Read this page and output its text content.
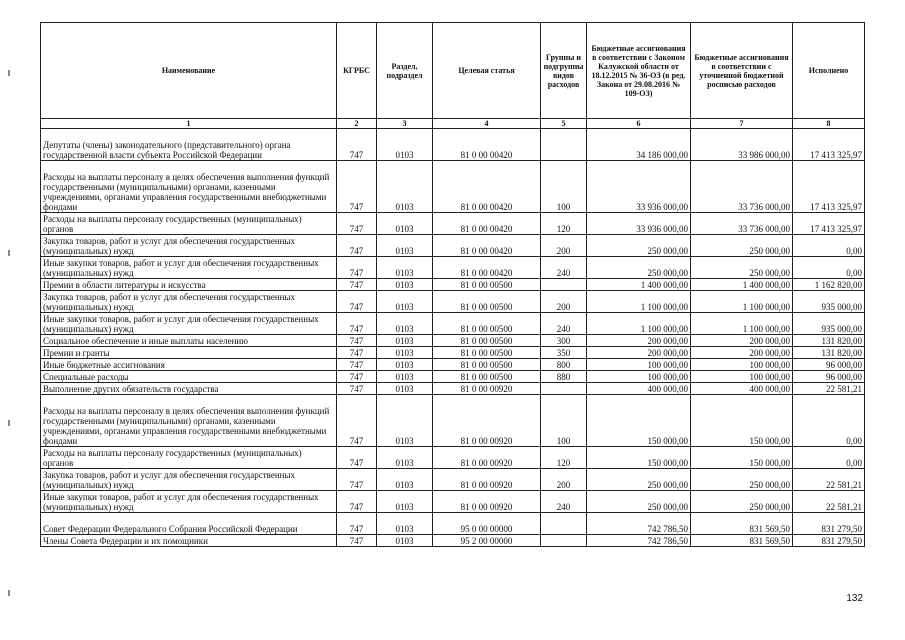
Наименование	КГРБС	Раздел, подраздел	Целевая статья	Группы и подгруппы видов расходов	Бюджетные ассигнования в соответствии с Законом Калужской области от 18.12.2015 № 36-ОЗ (в ред. Закона от 29.08.2016 № 109-ОЗ)	Бюджетные ассигнования в соответствии с уточненной бюджетной росписью расходов	Исполнено
1	2	3	4	5	6	7	8
Депутаты (члены) законодательного (представительного) органа государственной власти субъекта Российской Федерации	747	0103	81 0 00 00420		34 186 000,00	33 986 000,00	17 413 325,97
Расходы на выплаты персоналу в целях обеспечения выполнения функций государственными (муниципальными) органами, казенными учреждениями, органами управления государственными внебюджетными фондами	747	0103	81 0 00 00420	100	33 936 000,00	33 736 000,00	17 413 325,97
Расходы на выплаты персоналу государственных (муниципальных) органов	747	0103	81 0 00 00420	120	33 936 000,00	33 736 000,00	17 413 325,97
Закупка товаров, работ и услуг для обеспечения государственных (муниципальных) нужд	747	0103	81 0 00 00420	200	250 000,00	250 000,00	0,00
Иные закупки товаров, работ и услуг для обеспечения государственных (муниципальных) нужд	747	0103	81 0 00 00420	240	250 000,00	250 000,00	0,00
Премии в области литературы и искусства	747	0103	81 0 00 00500		1 400 000,00	1 400 000,00	1 162 820,00
Закупка товаров, работ и услуг для обеспечения государственных (муниципальных) нужд	747	0103	81 0 00 00500	200	1 100 000,00	1 100 000,00	935 000,00
Иные закупки товаров, работ и услуг для обеспечения государственных (муниципальных) нужд	747	0103	81 0 00 00500	240	1 100 000,00	1 100 000,00	935 000,00
Социальное обеспечение и иные выплаты населению	747	0103	81 0 00 00500	300	200 000,00	200 000,00	131 820,00
Премии и гранты	747	0103	81 0 00 00500	350	200 000,00	200 000,00	131 820,00
Иные бюджетные ассигнования	747	0103	81 0 00 00500	800	100 000,00	100 000,00	96 000,00
Специальные расходы	747	0103	81 0 00 00500	880	100 000,00	100 000,00	96 000,00
Выполнение других обязательств государства	747	0103	81 0 00 00920		400 000,00	400 000,00	22 581,21
Расходы на выплаты персоналу в целях обеспечения выполнения функций государственными (муниципальными) органами, казенными учреждениями, органами управления государственными внебюджетными фондами	747	0103	81 0 00 00920	100	150 000,00	150 000,00	0,00
Расходы на выплаты персоналу государственных (муниципальных) органов	747	0103	81 0 00 00920	120	150 000,00	150 000,00	0,00
Закупка товаров, работ и услуг для обеспечения государственных (муниципальных) нужд	747	0103	81 0 00 00920	200	250 000,00	250 000,00	22 581,21
Иные закупки товаров, работ и услуг для обеспечения государственных (муниципальных) нужд	747	0103	81 0 00 00920	240	250 000,00	250 000,00	22 581,21
Совет Федерации Федерального Собрания Российской Федерации	747	0103	95 0 00 00000		742 786,50	831 569,50	831 279,50
Члены Совета Федерации и их помощники	747	0103	95 2 00 00000		742 786,50	831 569,50	831 279,50
132
